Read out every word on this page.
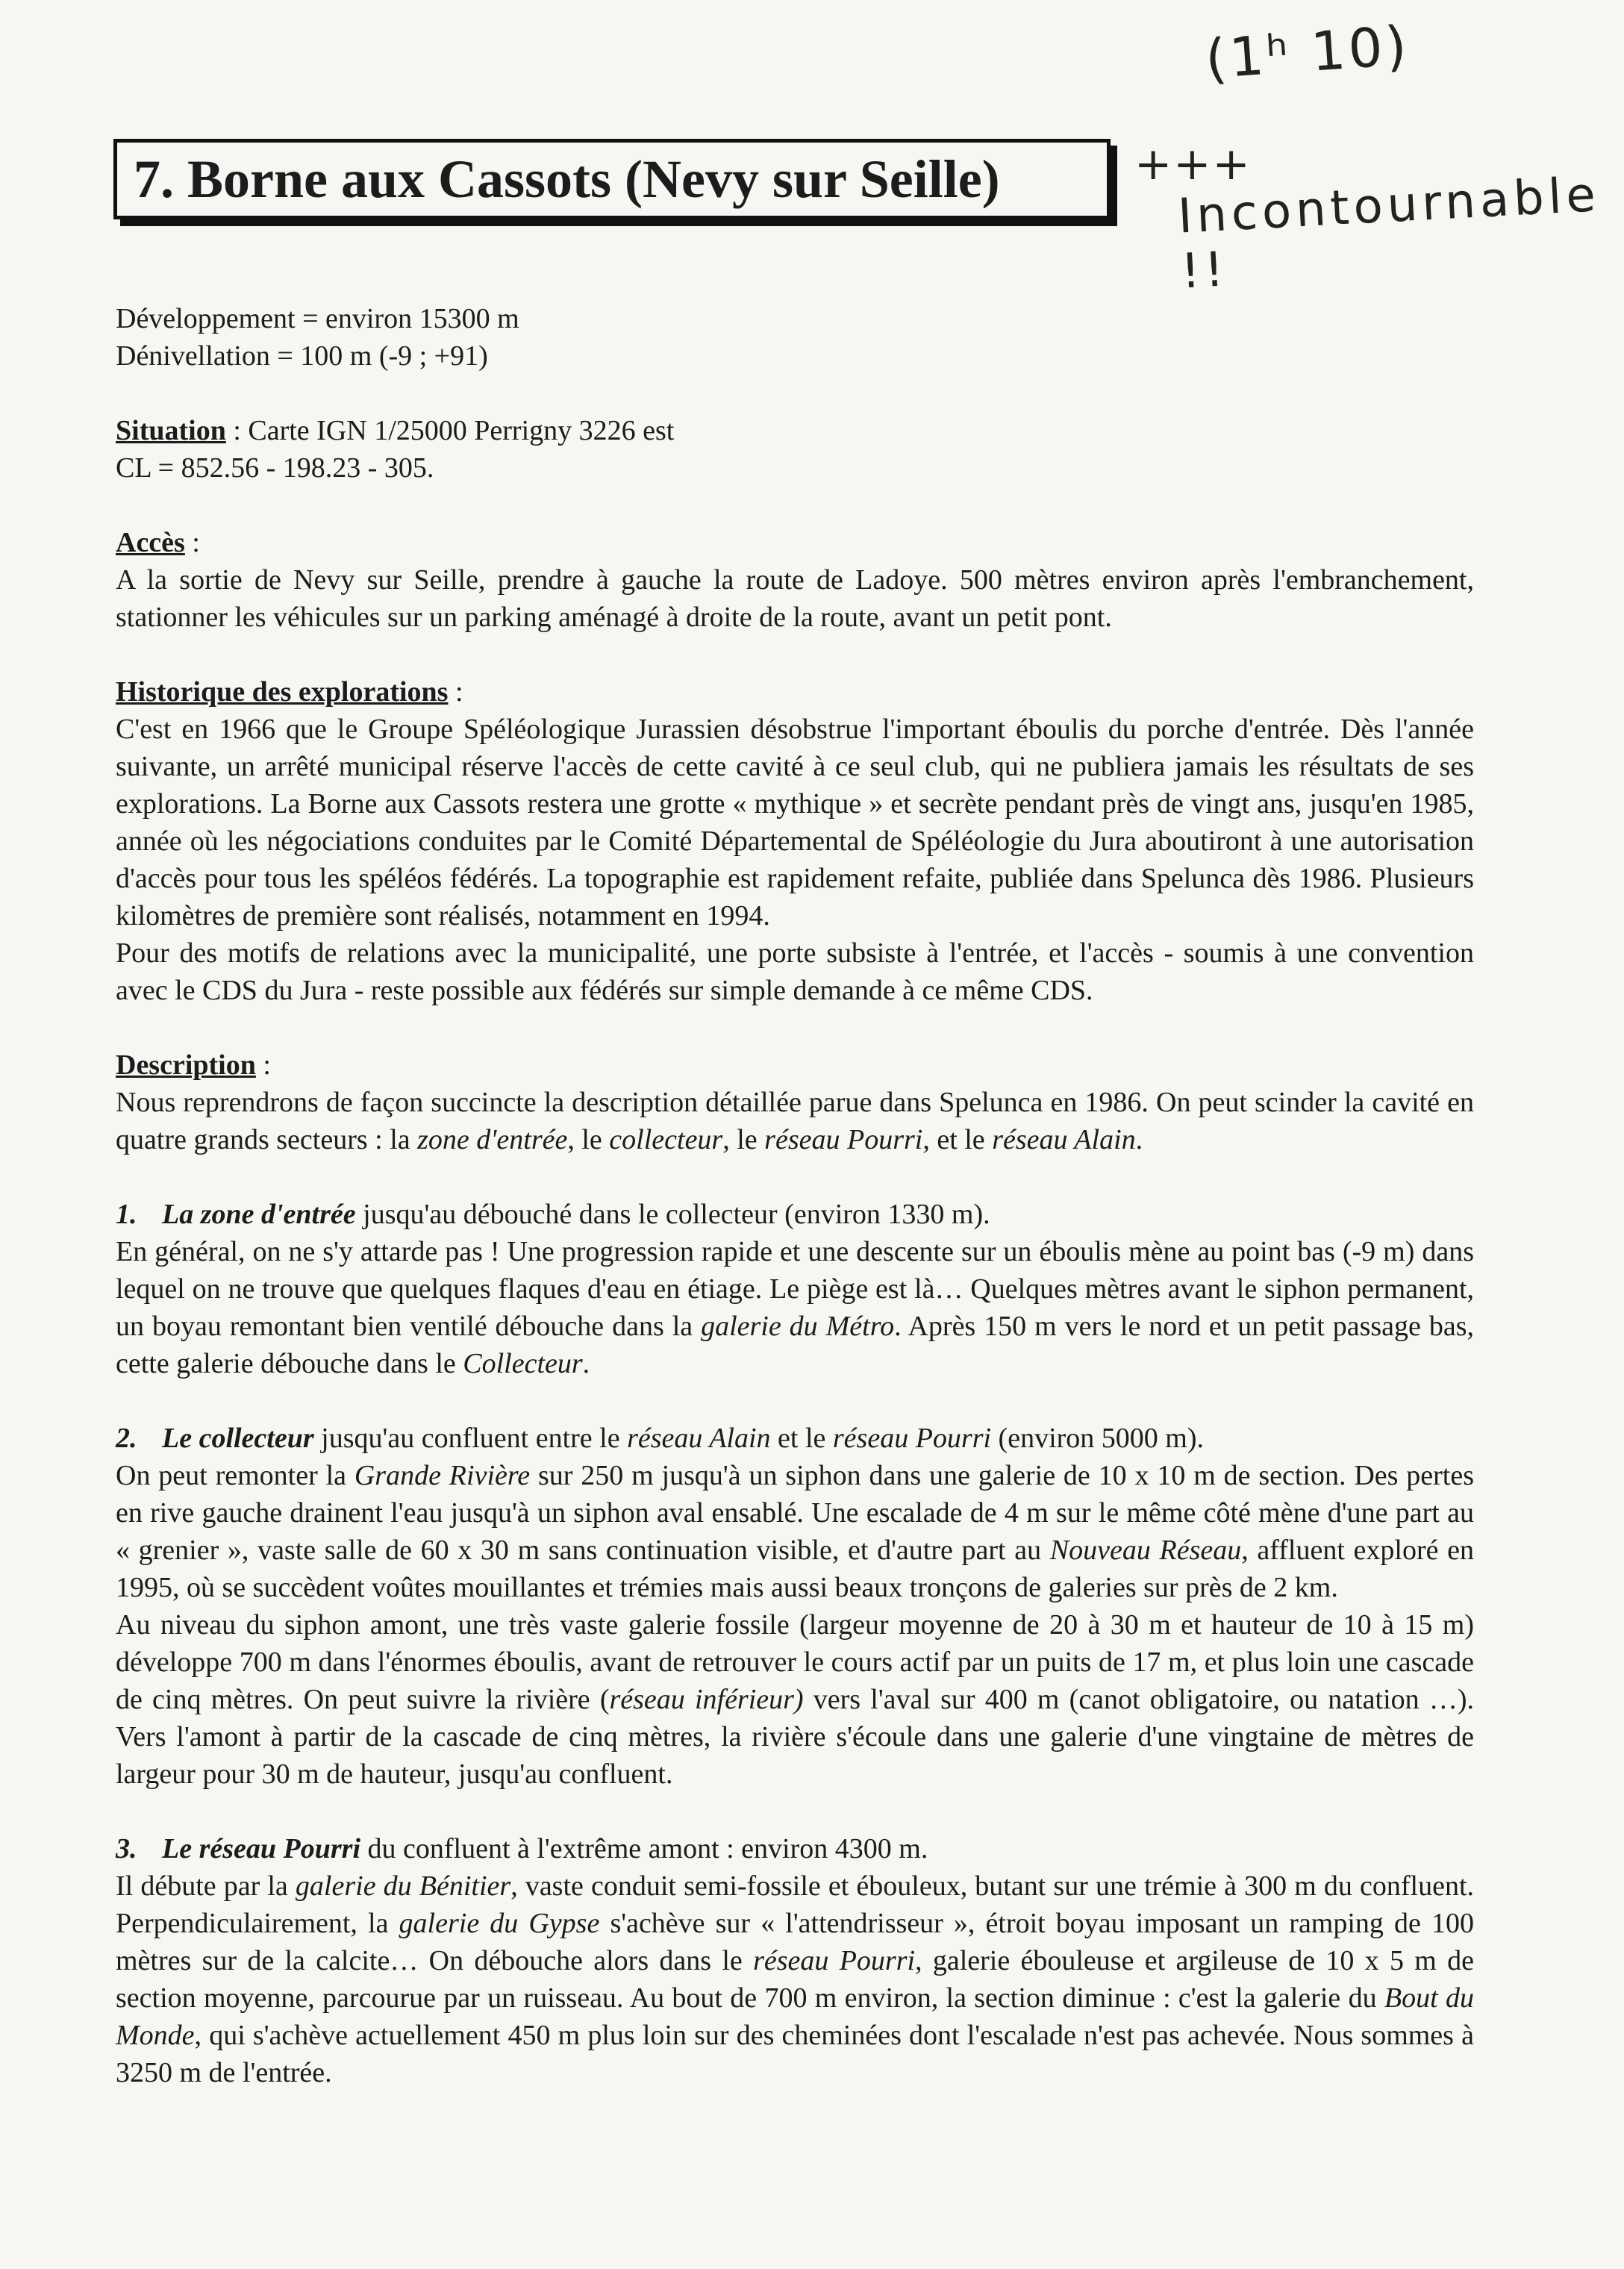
(1ʰ 10)
+++
Incontournable !!
7. Borne aux Cassots (Nevy sur Seille)
Développement = environ 15300 m
Dénivellation = 100 m (-9 ; +91)
Situation : Carte IGN 1/25000 Perrigny 3226 est
CL = 852.56 - 198.23 - 305.
Accès :

A la sortie de Nevy sur Seille, prendre à gauche la route de Ladoye. 500 mètres environ après l'embranchement, stationner les véhicules sur un parking aménagé à droite de la route, avant un petit pont.

Historique des explorations :

C'est en 1966 que le Groupe Spéléologique Jurassien désobstrue l'important éboulis du porche d'entrée. Dès l'année suivante, un arrêté municipal réserve l'accès de cette cavité à ce seul club, qui ne publiera jamais les résultats de ses explorations. La Borne aux Cassots restera une grotte « mythique » et secrète pendant près de vingt ans, jusqu'en 1985, année où les négociations conduites par le Comité Départemental de Spéléologie du Jura aboutiront à une autorisation d'accès pour tous les spéléos fédérés. La topographie est rapidement refaite, publiée dans Spelunca dès 1986. Plusieurs kilomètres de première sont réalisés, notamment en 1994.

Pour des motifs de relations avec la municipalité, une porte subsiste à l'entrée, et l'accès - soumis à une convention avec le CDS du Jura - reste possible aux fédérés sur simple demande à ce même CDS.

Description :

Nous reprendrons de façon succincte la description détaillée parue dans Spelunca en 1986. On peut scinder la cavité en quatre grands secteurs : la zone d'entrée, le collecteur, le réseau Pourri, et le réseau Alain.

1. La zone d'entrée jusqu'au débouché dans le collecteur (environ 1330 m).

En général, on ne s'y attarde pas ! Une progression rapide et une descente sur un éboulis mène au point bas (-9 m) dans lequel on ne trouve que quelques flaques d'eau en étiage. Le piège est là… Quelques mètres avant le siphon permanent, un boyau remontant bien ventilé débouche dans la galerie du Métro. Après 150 m vers le nord et un petit passage bas, cette galerie débouche dans le Collecteur.

2. Le collecteur jusqu'au confluent entre le réseau Alain et le réseau Pourri (environ 5000 m).

On peut remonter la Grande Rivière sur 250 m jusqu'à un siphon dans une galerie de 10 x 10 m de section. Des pertes en rive gauche drainent l'eau jusqu'à un siphon aval ensablé. Une escalade de 4 m sur le même côté mène d'une part au « grenier », vaste salle de 60 x 30 m sans continuation visible, et d'autre part au Nouveau Réseau, affluent exploré en 1995, où se succèdent voûtes mouillantes et trémies mais aussi beaux tronçons de galeries sur près de 2 km.

Au niveau du siphon amont, une très vaste galerie fossile (largeur moyenne de 20 à 30 m et hauteur de 10 à 15 m) développe 700 m dans l'énormes éboulis, avant de retrouver le cours actif par un puits de 17 m, et plus loin une cascade de cinq mètres. On peut suivre la rivière (réseau inférieur) vers l'aval sur 400 m (canot obligatoire, ou natation …). Vers l'amont à partir de la cascade de cinq mètres, la rivière s'écoule dans une galerie d'une vingtaine de mètres de largeur pour 30 m de hauteur, jusqu'au confluent.

3. Le réseau Pourri du confluent à l'extrême amont : environ 4300 m.

Il débute par la galerie du Bénitier, vaste conduit semi-fossile et ébouleux, butant sur une trémie à 300 m du confluent. Perpendiculairement, la galerie du Gypse s'achève sur « l'attendrisseur », étroit boyau imposant un ramping de 100 mètres sur de la calcite… On débouche alors dans le réseau Pourri, galerie ébouleuse et argileuse de 10 x 5 m de section moyenne, parcourue par un ruisseau. Au bout de 700 m environ, la section diminue : c'est la galerie du Bout du Monde, qui s'achève actuellement 450 m plus loin sur des cheminées dont l'escalade n'est pas achevée. Nous sommes à 3250 m de l'entrée.
